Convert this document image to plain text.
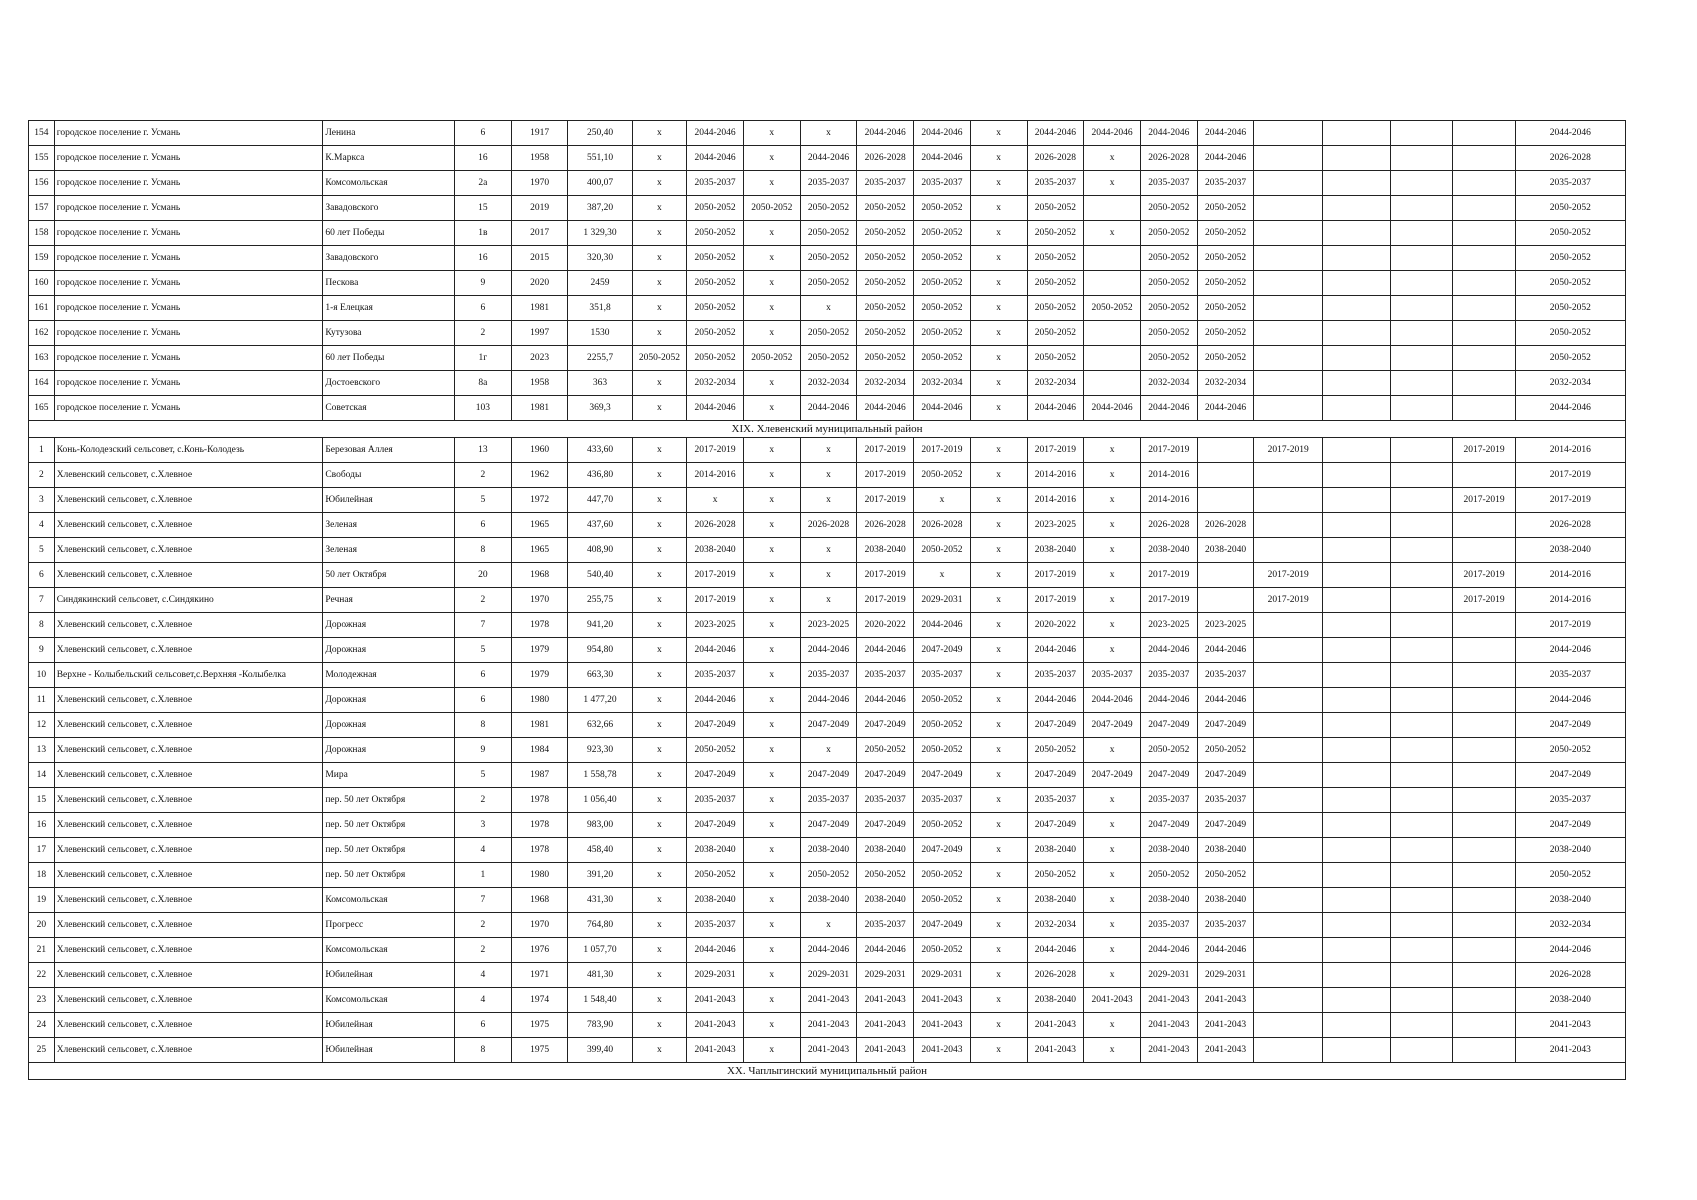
154	городское поселение г. Усмань	Ленина	6	1917	250,40	х	2044-2046	х	х	2044-2046	2044-2046	х	2044-2046	2044-2046	2044-2046	2044-2046					2044-2046
155	городское поселение г. Усмань	К.Маркса	16	1958	551,10	х	2044-2046	х	2044-2046	2026-2028	2044-2046	х	2026-2028	х	2026-2028	2044-2046					2026-2028
156	городское поселение г. Усмань	Комсомольская	2а	1970	400,07	х	2035-2037	х	2035-2037	2035-2037	2035-2037	х	2035-2037	х	2035-2037	2035-2037					2035-2037
157	городское поселение г. Усмань	Завадовского	15	2019	387,20	х	2050-2052	2050-2052	2050-2052	2050-2052	2050-2052	х	2050-2052		2050-2052	2050-2052					2050-2052
158	городское поселение г. Усмань	60 лет Победы	1в	2017	1 329,30	х	2050-2052	х	2050-2052	2050-2052	2050-2052	х	2050-2052	х	2050-2052	2050-2052					2050-2052
159	городское поселение г. Усмань	Завадовского	16	2015	320,30	х	2050-2052	х	2050-2052	2050-2052	2050-2052	х	2050-2052		2050-2052	2050-2052					2050-2052
160	городское поселение г. Усмань	Пескова	9	2020	2459	х	2050-2052	х	2050-2052	2050-2052	2050-2052	х	2050-2052		2050-2052	2050-2052					2050-2052
161	городское поселение г. Усмань	1-я Елецкая	6	1981	351,8	х	2050-2052	х	х	2050-2052	2050-2052	х	2050-2052	2050-2052	2050-2052	2050-2052					2050-2052
162	городское поселение г. Усмань	Кутузова	2	1997	1530	х	2050-2052	х	2050-2052	2050-2052	2050-2052	х	2050-2052		2050-2052	2050-2052					2050-2052
163	городское поселение г. Усмань	60 лет Победы	1г	2023	2255,7	2050-2052	2050-2052	2050-2052	2050-2052	2050-2052	2050-2052	х	2050-2052		2050-2052	2050-2052					2050-2052
164	городское поселение г. Усмань	Достоевского	8а	1958	363	х	2032-2034	х	2032-2034	2032-2034	2032-2034	х	2032-2034		2032-2034	2032-2034					2032-2034
165	городское поселение г. Усмань	Советская	103	1981	369,3	х	2044-2046	х	2044-2046	2044-2046	2044-2046	х	2044-2046	2044-2046	2044-2046	2044-2046					2044-2046
XIX. Хлевенский муниципальный район																					
1	Конь-Колодезский сельсовет, с.Конь-Колодезь	Березовая Аллея	13	1960	433,60	х	2017-2019	х	х	2017-2019	2017-2019	х	2017-2019	х	2017-2019		2017-2019			2017-2019	2014-2016
2	Хлевенский сельсовет, с.Хлевное	Свободы	2	1962	436,80	х	2014-2016	х	х	2017-2019	2050-2052	х	2014-2016	х	2014-2016						2017-2019
3	Хлевенский сельсовет, с.Хлевное	Юбилейная	5	1972	447,70	х	х	х	х	2017-2019	х	х	2014-2016	х	2014-2016					2017-2019	2017-2019
4	Хлевенский сельсовет, с.Хлевное	Зеленая	6	1965	437,60	х	2026-2028	х	2026-2028	2026-2028	2026-2028	х	2023-2025	х	2026-2028	2026-2028					2026-2028
5	Хлевенский сельсовет, с.Хлевное	Зеленая	8	1965	408,90	х	2038-2040	х	х	2038-2040	2050-2052	х	2038-2040	х	2038-2040	2038-2040					2038-2040
6	Хлевенский сельсовет, с.Хлевное	50 лет Октября	20	1968	540,40	х	2017-2019	х	х	2017-2019	х	х	2017-2019	х	2017-2019		2017-2019			2017-2019	2014-2016
7	Синдякинский сельсовет, с.Синдякино	Речная	2	1970	255,75	х	2017-2019	х	х	2017-2019	2029-2031	х	2017-2019	х	2017-2019		2017-2019			2017-2019	2014-2016
8	Хлевенский сельсовет, с.Хлевное	Дорожная	7	1978	941,20	х	2023-2025	х	2023-2025	2020-2022	2044-2046	х	2020-2022	х	2023-2025	2023-2025					2017-2019
9	Хлевенский сельсовет, с.Хлевное	Дорожная	5	1979	954,80	х	2044-2046	х	2044-2046	2044-2046	2047-2049	х	2044-2046	х	2044-2046	2044-2046					2044-2046
10	Верхне - Колыбельский сельсовет,с.Верхняя -Колыбелка	Молодежная	6	1979	663,30	х	2035-2037	х	2035-2037	2035-2037	2035-2037	х	2035-2037	2035-2037	2035-2037	2035-2037					2035-2037
11	Хлевенский сельсовет, с.Хлевное	Дорожная	6	1980	1 477,20	х	2044-2046	х	2044-2046	2044-2046	2050-2052	х	2044-2046	2044-2046	2044-2046	2044-2046					2044-2046
12	Хлевенский сельсовет, с.Хлевное	Дорожная	8	1981	632,66	х	2047-2049	х	2047-2049	2047-2049	2050-2052	х	2047-2049	2047-2049	2047-2049	2047-2049					2047-2049
13	Хлевенский сельсовет, с.Хлевное	Дорожная	9	1984	923,30	х	2050-2052	х	х	2050-2052	2050-2052	х	2050-2052	х	2050-2052	2050-2052					2050-2052
14	Хлевенский сельсовет, с.Хлевное	Мира	5	1987	1 558,78	х	2047-2049	х	2047-2049	2047-2049	2047-2049	х	2047-2049	2047-2049	2047-2049	2047-2049					2047-2049
15	Хлевенский сельсовет, с.Хлевное	пер. 50 лет Октября	2	1978	1 056,40	х	2035-2037	х	2035-2037	2035-2037	2035-2037	х	2035-2037	х	2035-2037	2035-2037					2035-2037
16	Хлевенский сельсовет, с.Хлевное	пер. 50 лет Октября	3	1978	983,00	х	2047-2049	х	2047-2049	2047-2049	2050-2052	х	2047-2049	х	2047-2049	2047-2049					2047-2049
17	Хлевенский сельсовет, с.Хлевное	пер. 50 лет Октября	4	1978	458,40	х	2038-2040	х	2038-2040	2038-2040	2047-2049	х	2038-2040	х	2038-2040	2038-2040					2038-2040
18	Хлевенский сельсовет, с.Хлевное	пер. 50 лет Октября	1	1980	391,20	х	2050-2052	х	2050-2052	2050-2052	2050-2052	х	2050-2052	х	2050-2052	2050-2052					2050-2052
19	Хлевенский сельсовет, с.Хлевное	Комсомольская	7	1968	431,30	х	2038-2040	х	2038-2040	2038-2040	2050-2052	х	2038-2040	х	2038-2040	2038-2040					2038-2040
20	Хлевенский сельсовет, с.Хлевное	Прогресс	2	1970	764,80	х	2035-2037	х	х	2035-2037	2047-2049	х	2032-2034	х	2035-2037	2035-2037					2032-2034
21	Хлевенский сельсовет, с.Хлевное	Комсомольская	2	1976	1 057,70	х	2044-2046	х	2044-2046	2044-2046	2050-2052	х	2044-2046	х	2044-2046	2044-2046					2044-2046
22	Хлевенский сельсовет, с.Хлевное	Юбилейная	4	1971	481,30	х	2029-2031	х	2029-2031	2029-2031	2029-2031	х	2026-2028	х	2029-2031	2029-2031					2026-2028
23	Хлевенский сельсовет, с.Хлевное	Комсомольская	4	1974	1 548,40	х	2041-2043	х	2041-2043	2041-2043	2041-2043	х	2038-2040	2041-2043	2041-2043	2041-2043					2038-2040
24	Хлевенский сельсовет, с.Хлевное	Юбилейная	6	1975	783,90	х	2041-2043	х	2041-2043	2041-2043	2041-2043	х	2041-2043	х	2041-2043	2041-2043					2041-2043
25	Хлевенский сельсовет, с.Хлевное	Юбилейная	8	1975	399,40	х	2041-2043	х	2041-2043	2041-2043	2041-2043	х	2041-2043	х	2041-2043	2041-2043					2041-2043
XX. Чаплыгинский муниципальный район																					
